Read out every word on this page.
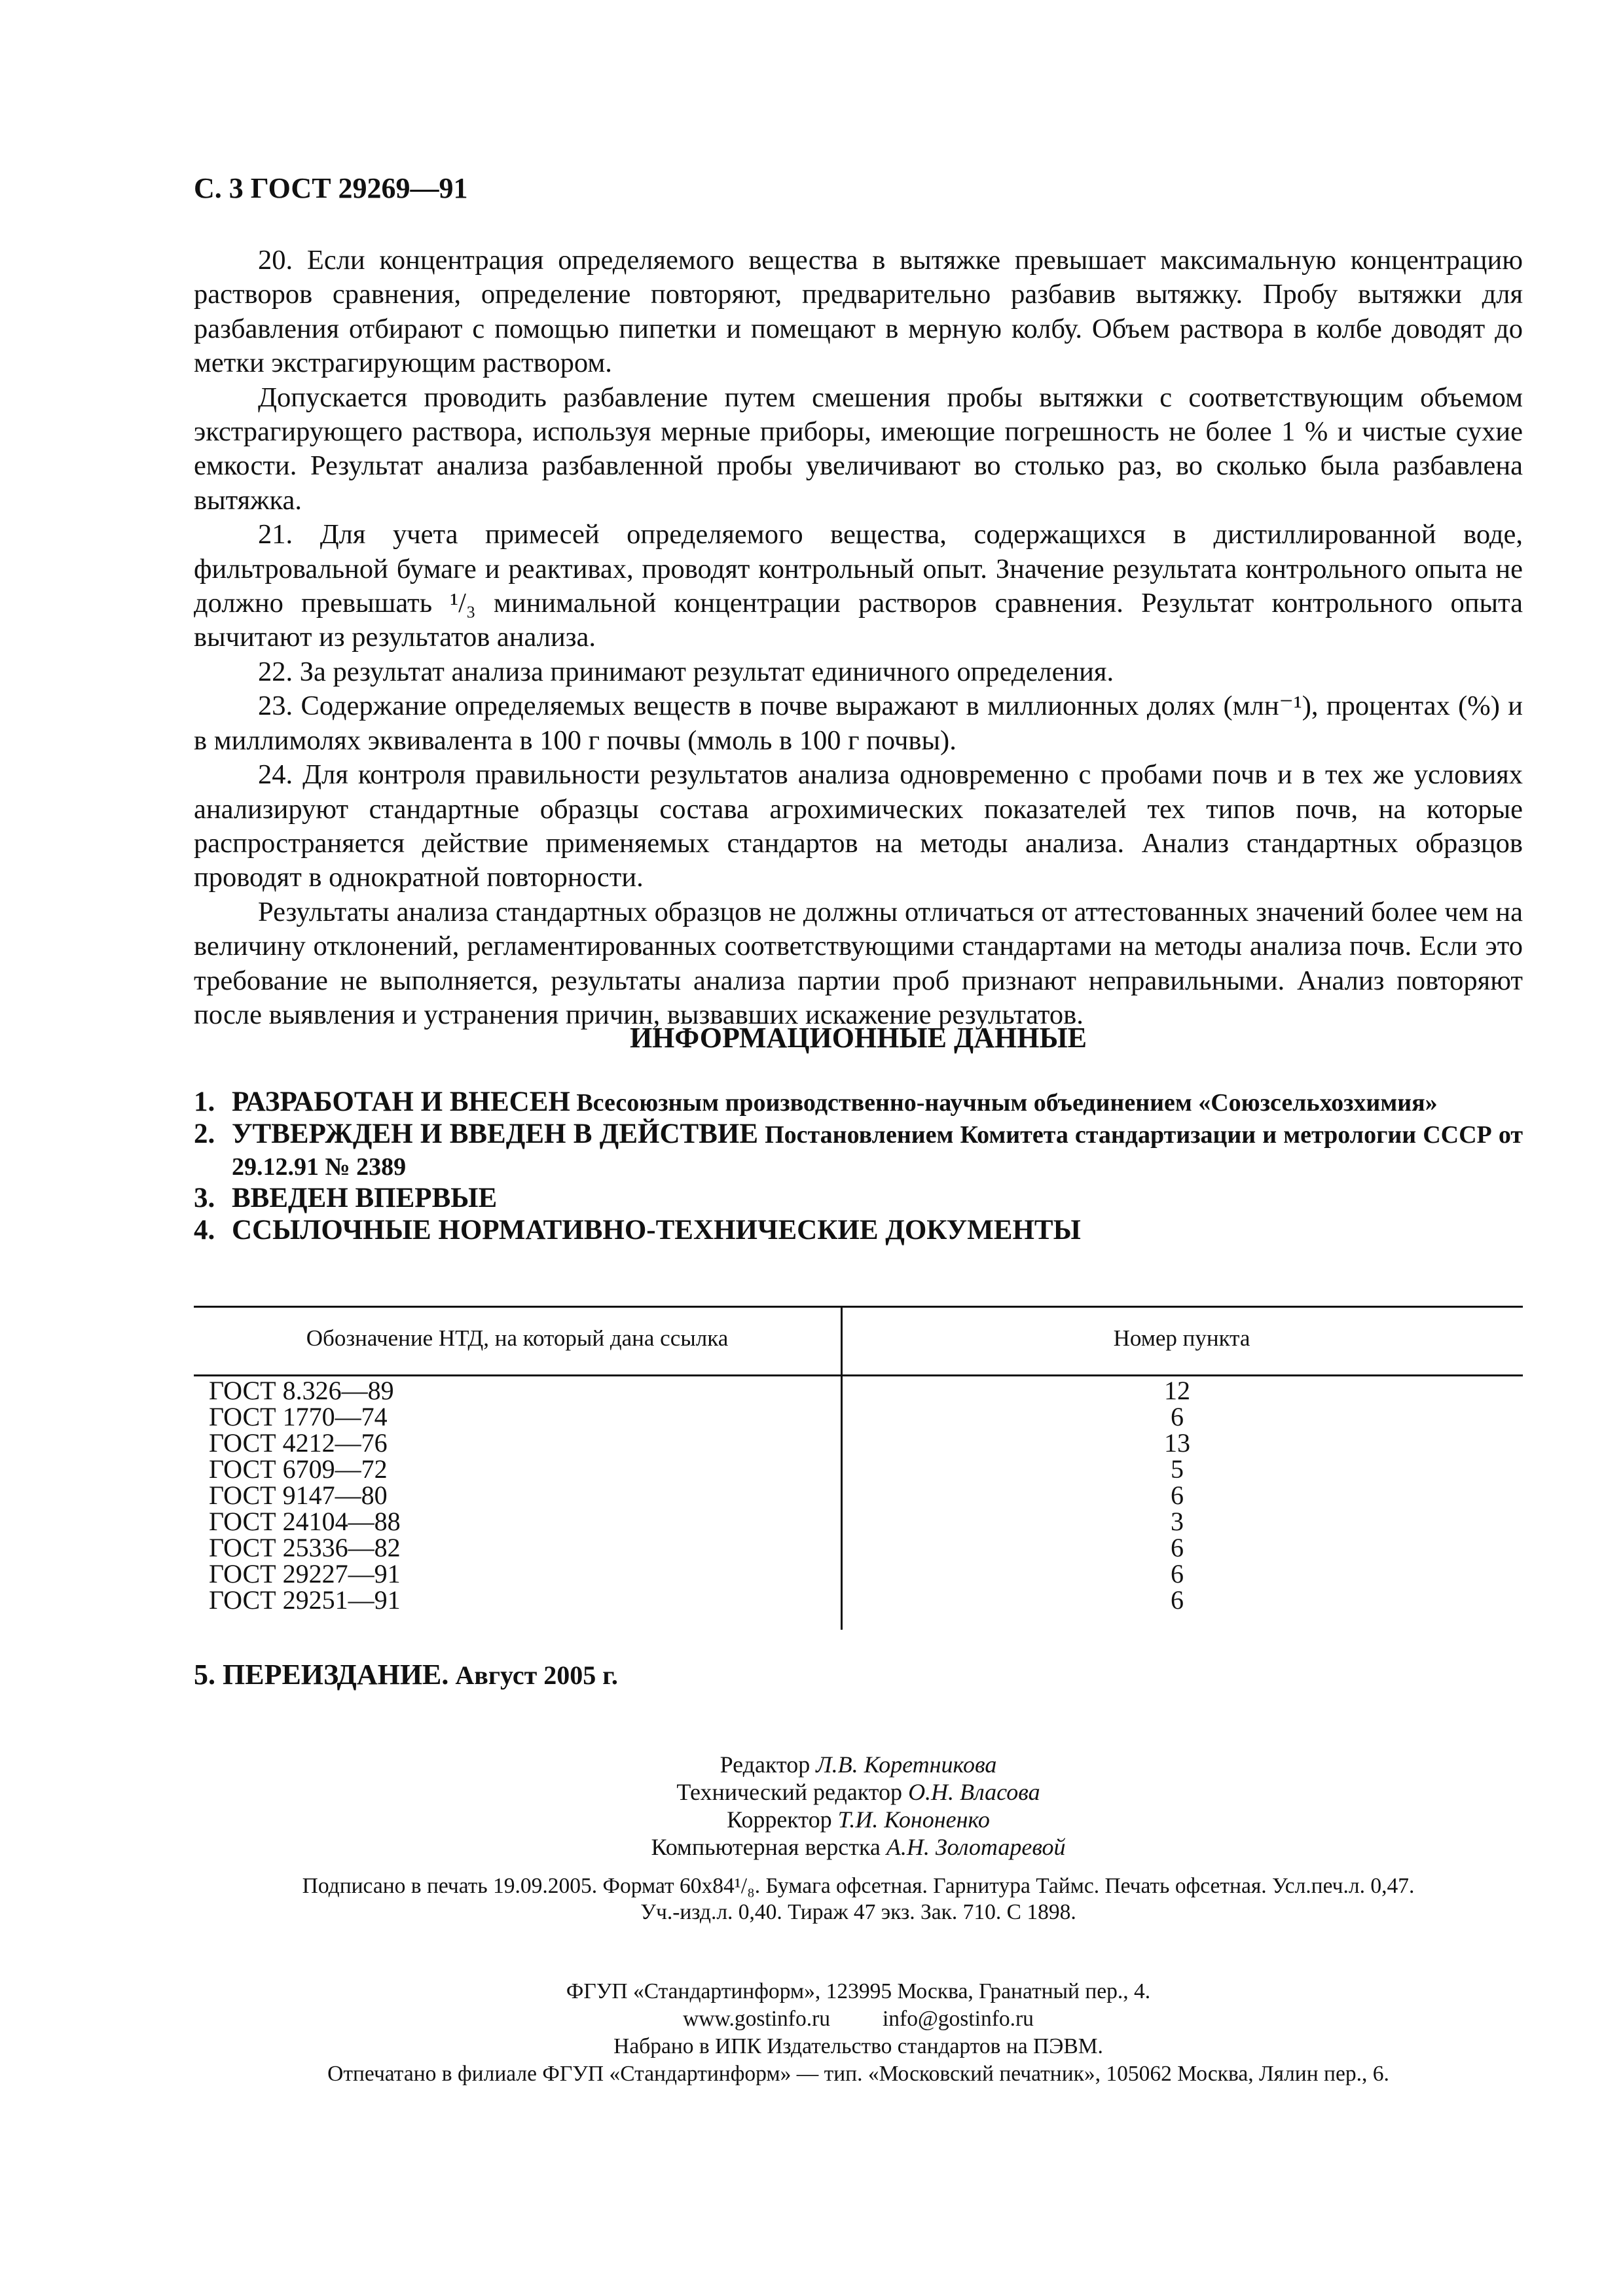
С. 3 ГОСТ 29269—91

20. Если концентрация определяемого вещества в вытяжке превышает максимальную концентрацию растворов сравнения, определение повторяют, предварительно разбавив вытяжку. Пробу вытяжки для разбавления отбирают с помощью пипетки и помещают в мерную колбу. Объем раствора в колбе доводят до метки экстрагирующим раствором.

Допускается проводить разбавление путем смешения пробы вытяжки с соответствующим объемом экстрагирующего раствора, используя мерные приборы, имеющие погрешность не более 1 % и чистые сухие емкости. Результат анализа разбавленной пробы увеличивают во столько раз, во сколько была разбавлена вытяжка.

21. Для учета примесей определяемого вещества, содержащихся в дистиллированной воде, фильтровальной бумаге и реактивах, проводят контрольный опыт. Значение результата контрольного опыта не должно превышать ¹/₃ минимальной концентрации растворов сравнения. Результат контрольного опыта вычитают из результатов анализа.

22. За результат анализа принимают результат единичного определения.

23. Содержание определяемых веществ в почве выражают в миллионных долях (млн⁻¹), процентах (%) и в миллимолях эквивалента в 100 г почвы (ммоль в 100 г почвы).

24. Для контроля правильности результатов анализа одновременно с пробами почв и в тех же условиях анализируют стандартные образцы состава агрохимических показателей тех типов почв, на которые распространяется действие применяемых стандартов на методы анализа. Анализ стандартных образцов проводят в однократной повторности.

Результаты анализа стандартных образцов не должны отличаться от аттестованных значений более чем на величину отклонений, регламентированных соответствующими стандартами на методы анализа почв. Если это требование не выполняется, результаты анализа партии проб признают неправильными. Анализ повторяют после выявления и устранения причин, вызвавших искажение результатов.

ИНФОРМАЦИОННЫЕ ДАННЫЕ
1. РАЗРАБОТАН И ВНЕСЕН Всесоюзным производственно-научным объединением «Союзсельхозхимия»
2. УТВЕРЖДЕН И ВВЕДЕН В ДЕЙСТВИЕ Постановлением Комитета стандартизации и метрологии СССР от 29.12.91 № 2389
3. ВВЕДЕН ВПЕРВЫЕ
4. ССЫЛОЧНЫЕ НОРМАТИВНО-ТЕХНИЧЕСКИЕ ДОКУМЕНТЫ
Обозначение НТД, на который дана ссылка	Номер пункта
ГОСТ 8.326—89
ГОСТ 1770—74
ГОСТ 4212—76
ГОСТ 6709—72
ГОСТ 9147—80
ГОСТ 24104—88
ГОСТ 25336—82
ГОСТ 29227—91
ГОСТ 29251—91
12
6
13
5
6
3
6
6
6
5. ПЕРЕИЗДАНИЕ. Август 2005 г.
Редактор Л.В. Коретникова
Технический редактор О.Н. Власова
Корректор Т.И. Кононенко
Компьютерная верстка А.Н. Золотаревой
Подписано в печать 19.09.2005. Формат 60x84¹/₈. Бумага офсетная. Гарнитура Таймс. Печать офсетная. Усл.печ.л. 0,47.
Уч.-изд.л. 0,40. Тираж 47 экз. Зак. 710. С 1898.
ФГУП «Стандартинформ», 123995 Москва, Гранатный пер., 4.
www.gostinfo.ru info@gostinfo.ru
Набрано в ИПК Издательство стандартов на ПЭВМ.
Отпечатано в филиале ФГУП «Стандартинформ» — тип. «Московский печатник», 105062 Москва, Лялин пер., 6.
